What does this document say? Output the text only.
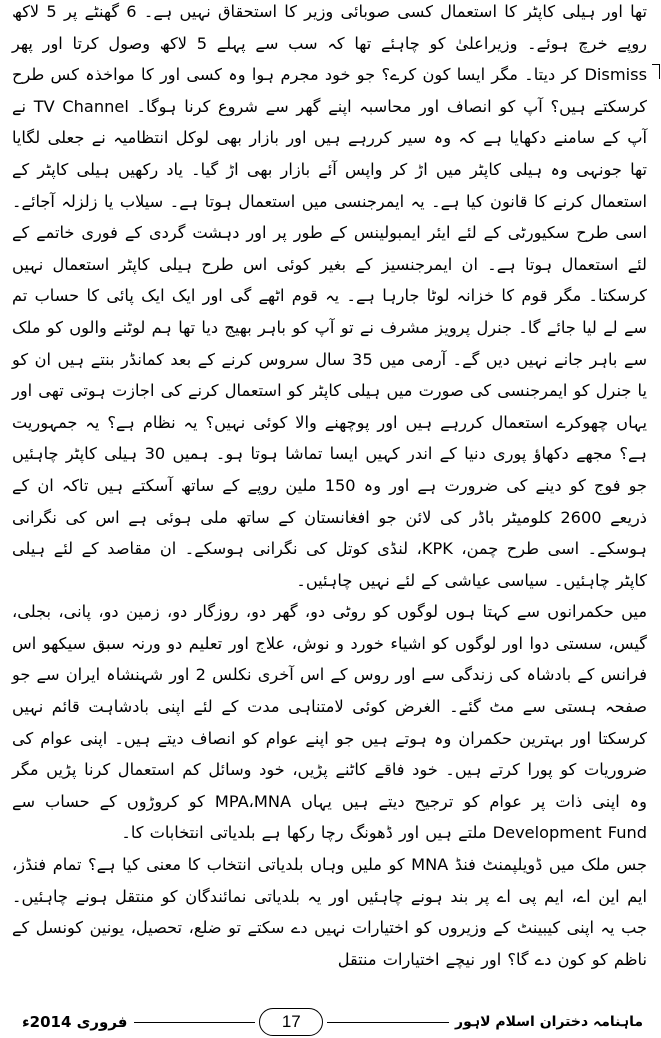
تھا اور ہیلی کاپٹر کا استعمال کسی صوبائی وزیر کا استحقاق نہیں ہے۔ 6 گھنٹے پر 5 لاکھ روپے خرچ ہوئے۔ وزیراعلیٰ کو چاہئے تھا کہ سب سے پہلے 5 لاکھ وصول کرتا اور پھر Dismiss کر دیتا۔ مگر ایسا کون کرے؟ جو خود مجرم ہوا وہ کسی اور کا مواخذہ کس طرح کرسکتے ہیں؟ آپ کو انصاف اور محاسبہ اپنے گھر سے شروع کرنا ہوگا۔ TV Channel نے آپ کے سامنے دکھایا ہے کہ وہ سیر کررہے ہیں اور بازار بھی لوکل انتظامیہ نے جعلی لگایا تھا جونہی وہ ہیلی کاپٹر میں اڑ کر واپس آئے بازار بھی اڑ گیا۔ یاد رکھیں ہیلی کاپٹر کے استعمال کرنے کا قانون کیا ہے۔ یہ ایمرجنسی میں استعمال ہوتا ہے۔ سیلاب یا زلزلہ آجائے۔ اسی طرح سکیورٹی کے لئے ایئر ایمبولینس کے طور پر اور دہشت گردی کے فوری خاتمے کے لئے استعمال ہوتا ہے۔ ان ایمرجنسیز کے بغیر کوئی اس طرح ہیلی کاپٹر استعمال نہیں کرسکتا۔ مگر قوم کا خزانہ لوٹا جارہا ہے۔ یہ قوم اٹھے گی اور ایک ایک پائی کا حساب تم سے لے لیا جائے گا۔ جنرل پرویز مشرف نے تو آپ کو باہر بھیج دیا تھا ہم لوٹنے والوں کو ملک سے باہر جانے نہیں دیں گے۔ آرمی میں 35 سال سروس کرنے کے بعد کمانڈر بنتے ہیں ان کو یا جنرل کو ایمرجنسی کی صورت میں ہیلی کاپٹر کو استعمال کرنے کی اجازت ہوتی تھی اور یہاں چھوکرے استعمال کررہے ہیں اور پوچھنے والا کوئی نہیں؟ یہ نظام ہے؟ یہ جمہوریت ہے؟ مجھے دکھاؤ پوری دنیا کے اندر کہیں ایسا تماشا ہوتا ہو۔ ہمیں 30 ہیلی کاپٹر چاہئیں جو فوج کو دینے کی ضرورت ہے اور وہ 150 ملین روپے کے ساتھ آسکتے ہیں تاکہ ان کے ذریعے 2600 کلومیٹر باڈر کی لائن جو افغانستان کے ساتھ ملی ہوئی ہے اس کی نگرانی ہوسکے۔ اسی طرح چمن، KPK، لنڈی کوتل کی نگرانی ہوسکے۔ ان مقاصد کے لئے ہیلی کاپٹر چاہئیں۔ سیاسی عیاشی کے لئے نہیں چاہئیں۔

میں حکمرانوں سے کہتا ہوں لوگوں کو روٹی دو، گھر دو، روزگار دو، زمین دو، پانی، بجلی، گیس، سستی دوا اور لوگوں کو اشیاء خورد و نوش، علاج اور تعلیم دو ورنہ سبق سیکھو اس فرانس کے بادشاہ کی زندگی سے اور روس کے اس آخری نکلس 2 اور شہنشاہ ایران سے جو صفحہ ہستی سے مٹ گئے۔ الغرض کوئی لامتناہی مدت کے لئے اپنی بادشاہت قائم نہیں کرسکتا اور بہترین حکمران وہ ہوتے ہیں جو اپنے عوام کو انصاف دیتے ہیں۔ اپنی عوام کی ضروریات کو پورا کرتے ہیں۔ خود فاقے کاٹنے پڑیں، خود وسائل کم استعمال کرنا پڑیں مگر وہ اپنی ذات پر عوام کو ترجیح دیتے ہیں یہاں MPA،MNA کو کروڑوں کے حساب سے Development Fund ملتے ہیں اور ڈھونگ رچا رکھا ہے بلدیاتی انتخابات کا۔

جس ملک میں ڈویلپمنٹ فنڈ MNA کو ملیں وہاں بلدیاتی انتخاب کا معنی کیا ہے؟ تمام فنڈز، ایم این اے، ایم پی اے پر بند ہونے چاہئیں اور یہ بلدیاتی نمائندگان کو منتقل ہونے چاہئیں۔ جب یہ اپنی کیبینٹ کے وزیروں کو اختیارات نہیں دے سکتے تو ضلع، تحصیل، یونین کونسل کے ناظم کو کون دے گا؟ اور نیچے اختیارات منتقل

فروری 2014ء	17	ماہنامہ دختران اسلام لاہور
